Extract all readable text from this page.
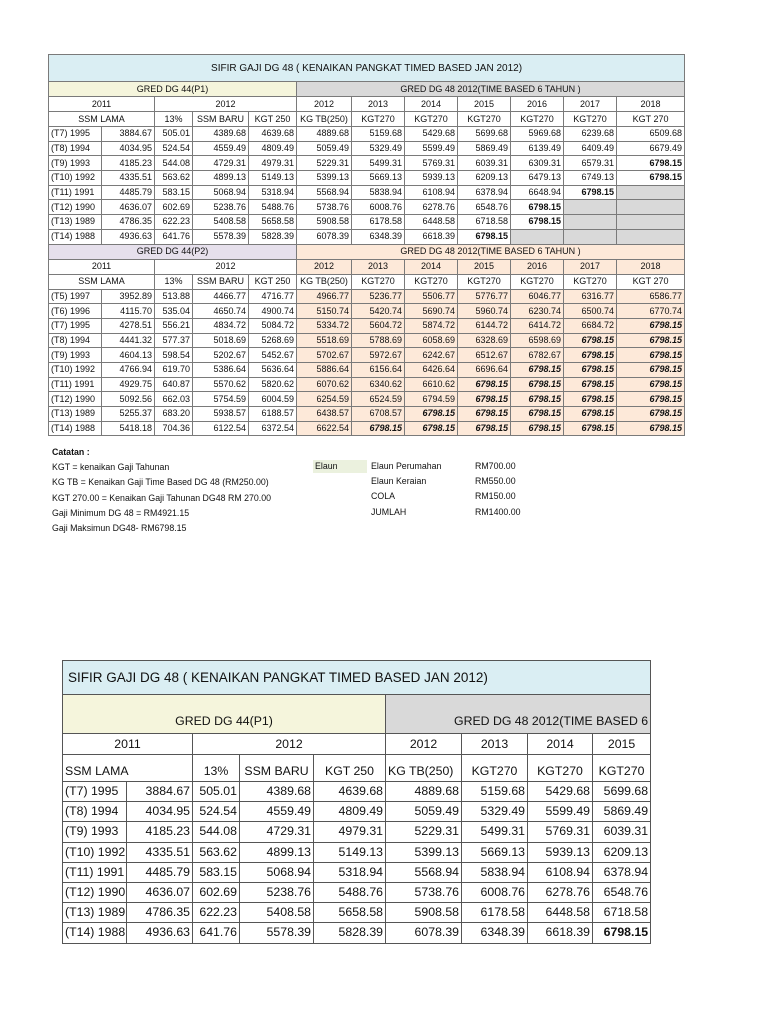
SIFIR GAJI DG 48 ( KENAIKAN PANGKAT TIMED BASED JAN 2012)											
GRED DG 44(P1)					GRED DG 48 2012(TIME BASED 6 TAHUN )						
2011		2012			2012	2013	2014	2015	2016	2017	2018
SSM LAMA		13%	SSM BARU	KGT 250	KG TB(250)	KGT270	KGT270	KGT270	KGT270	KGT270	KGT 270
(T7) 1995	3884.67	505.01	4389.68	4639.68	4889.68	5159.68	5429.68	5699.68	5969.68	6239.68	6509.68
(T8) 1994	4034.95	524.54	4559.49	4809.49	5059.49	5329.49	5599.49	5869.49	6139.49	6409.49	6679.49
(T9) 1993	4185.23	544.08	4729.31	4979.31	5229.31	5499.31	5769.31	6039.31	6309.31	6579.31	6798.15
(T10) 1992	4335.51	563.62	4899.13	5149.13	5399.13	5669.13	5939.13	6209.13	6479.13	6749.13	6798.15
(T11) 1991	4485.79	583.15	5068.94	5318.94	5568.94	5838.94	6108.94	6378.94	6648.94	6798.15	
(T12) 1990	4636.07	602.69	5238.76	5488.76	5738.76	6008.76	6278.76	6548.76	6798.15		
(T13) 1989	4786.35	622.23	5408.58	5658.58	5908.58	6178.58	6448.58	6718.58	6798.15		
(T14) 1988	4936.63	641.76	5578.39	5828.39	6078.39	6348.39	6618.39	6798.15			
GRED DG 44(P2)					GRED DG 48 2012(TIME BASED 6 TAHUN )						
2011		2012			2012	2013	2014	2015	2016	2017	2018
SSM LAMA		13%	SSM BARU	KGT 250	KG TB(250)	KGT270	KGT270	KGT270	KGT270	KGT270	KGT 270
(T5) 1997	3952.89	513.88	4466.77	4716.77	4966.77	5236.77	5506.77	5776.77	6046.77	6316.77	6586.77
(T6) 1996	4115.70	535.04	4650.74	4900.74	5150.74	5420.74	5690.74	5960.74	6230.74	6500.74	6770.74
(T7) 1995	4278.51	556.21	4834.72	5084.72	5334.72	5604.72	5874.72	6144.72	6414.72	6684.72	6798.15
(T8) 1994	4441.32	577.37	5018.69	5268.69	5518.69	5788.69	6058.69	6328.69	6598.69	6798.15	6798.15
(T9) 1993	4604.13	598.54	5202.67	5452.67	5702.67	5972.67	6242.67	6512.67	6782.67	6798.15	6798.15
(T10) 1992	4766.94	619.70	5386.64	5636.64	5886.64	6156.64	6426.64	6696.64	6798.15	6798.15	6798.15
(T11) 1991	4929.75	640.87	5570.62	5820.62	6070.62	6340.62	6610.62	6798.15	6798.15	6798.15	6798.15
(T12) 1990	5092.56	662.03	5754.59	6004.59	6254.59	6524.59	6794.59	6798.15	6798.15	6798.15	6798.15
(T13) 1989	5255.37	683.20	5938.57	6188.57	6438.57	6708.57	6798.15	6798.15	6798.15	6798.15	6798.15
(T14) 1988	5418.18	704.36	6122.54	6372.54	6622.54	6798.15	6798.15	6798.15	6798.15	6798.15	6798.15
Catatan :
KGT = kenaikan Gaji Tahunan
KG TB = Kenaikan Gaji Time Based DG 48 (RM250.00)
KGT 270.00 = Kenaikan Gaji Tahunan DG48 RM 270.00
Gaji Minimum DG 48 = RM4921.15
Gaji Maksimun DG48- RM6798.15
Elaun	Elaun Perumahan	RM700.00
Elaun Keraian	RM550.00
COLA	RM150.00
JUMLAH	RM1400.00
SIFIR GAJI DG 48 ( KENAIKAN PANGKAT TIMED BASED JAN 2012)								
GRED DG 44(P1)					GRED DG 48 2012(TIME BASED 6			
2011		2012			2012	2013	2014	2015
SSM LAMA		13%	SSM BARU	KGT 250	KG TB(250)	KGT270	KGT270	KGT270
(T7) 1995	3884.67	505.01	4389.68	4639.68	4889.68	5159.68	5429.68	5699.68
(T8) 1994	4034.95	524.54	4559.49	4809.49	5059.49	5329.49	5599.49	5869.49
(T9) 1993	4185.23	544.08	4729.31	4979.31	5229.31	5499.31	5769.31	6039.31
(T10) 1992	4335.51	563.62	4899.13	5149.13	5399.13	5669.13	5939.13	6209.13
(T11) 1991	4485.79	583.15	5068.94	5318.94	5568.94	5838.94	6108.94	6378.94
(T12) 1990	4636.07	602.69	5238.76	5488.76	5738.76	6008.76	6278.76	6548.76
(T13) 1989	4786.35	622.23	5408.58	5658.58	5908.58	6178.58	6448.58	6718.58
(T14) 1988	4936.63	641.76	5578.39	5828.39	6078.39	6348.39	6618.39	6798.15
